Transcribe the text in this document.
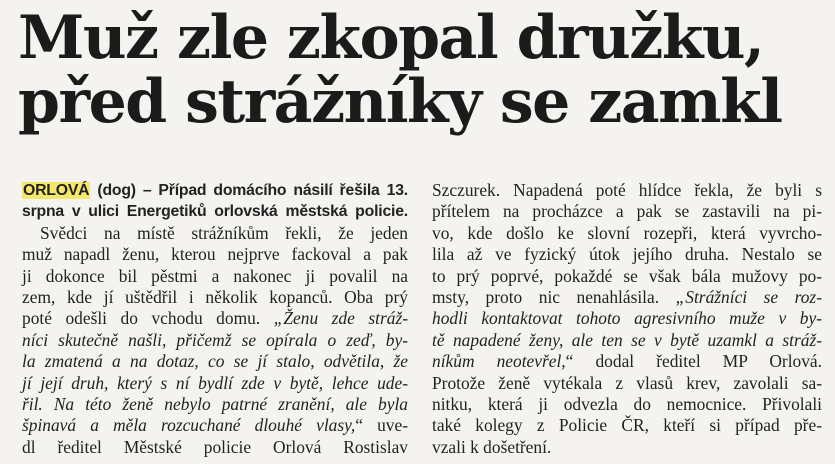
Muž zle zkopal družku,
před strážníky se zamkl
ORLOVÁ (dog) – Případ domácího násilí řešila 13.
srpna v ulici Energetiků orlovská městská policie.
Svědci na místě strážníkům řekli, že jeden
muž napadl ženu, kterou nejprve fackoval a pak
ji dokonce bil pěstmi a nakonec ji povalil na
zem, kde jí uštědřil i několik kopanců. Oba prý
poté odešli do vchodu domu. „Ženu zde stráž-
níci skutečně našli, přičemž se opírala o zeď, by-
la zmatená a na dotaz, co se jí stalo, odvětila, že
jí její druh, který s ní bydlí zde v bytě, lehce ude-
řil. Na této ženě nebylo patrné zranění, ale byla
špinavá a měla rozcuchané dlouhé vlasy,“ uve-
dl ředitel Městské policie Orlová Rostislav
Szczurek. Napadená poté hlídce řekla, že byli s
přítelem na procházce a pak se zastavili na pi-
vo, kde došlo ke slovní rozepři, která vyvrcho-
lila až ve fyzický útok jejího druha. Nestalo se
to prý poprvé, pokaždé se však bála mužovy po-
msty, proto nic nenahlásila. „Strážníci se roz-
hodli kontaktovat tohoto agresivního muže v by-
tě napadené ženy, ale ten se v bytě uzamkl a stráž-
níkům neotevřel,“ dodal ředitel MP Orlová.
Protože ženě vytékala z vlasů krev, zavolali sa-
nitku, která ji odvezla do nemocnice. Přivolali
také kolegy z Policie ČR, kteří si případ pře-
vzali k došetření.
